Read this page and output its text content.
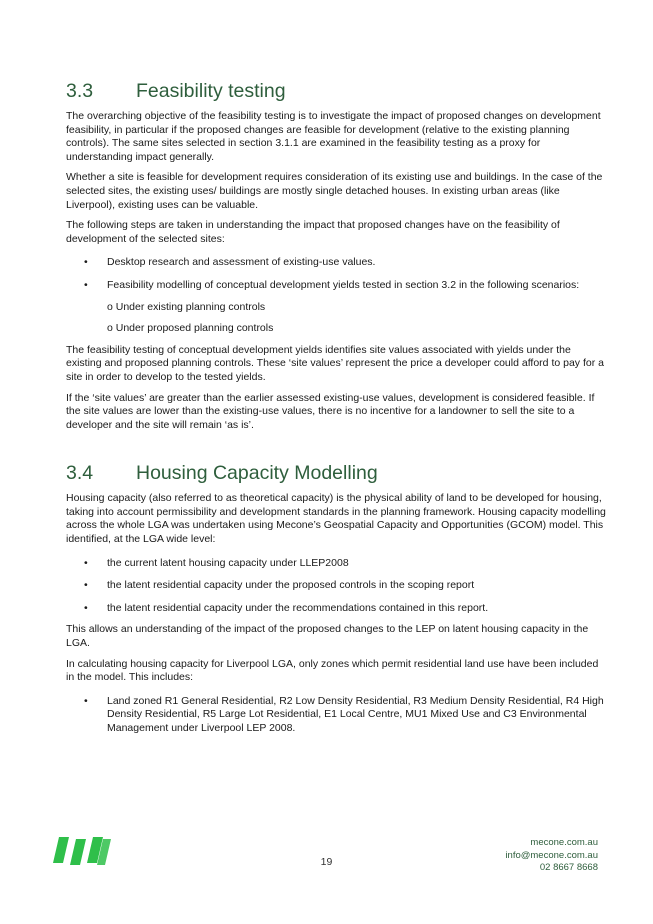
3.3	Feasibility testing

The overarching objective of the feasibility testing is to investigate the impact of proposed changes on development feasibility, in particular if the proposed changes are feasible for development (relative to the existing planning controls). The same sites selected in section 3.1.1 are examined in the feasibility testing as a proxy for understanding impact generally.

Whether a site is feasible for development requires consideration of its existing use and buildings. In the case of the selected sites, the existing uses/ buildings are mostly single detached houses. In existing urban areas (like Liverpool), existing uses can be valuable.

The following steps are taken in understanding the impact that proposed changes have on the feasibility of development of the selected sites:

• Desktop research and assessment of existing-use values.
• Feasibility modelling of conceptual development yields tested in section 3.2 in the following scenarios:
o Under existing planning controls
o Under proposed planning controls

The feasibility testing of conceptual development yields identifies site values associated with yields under the existing and proposed planning controls. These ‘site values’ represent the price a developer could afford to pay for a site in order to develop to the tested yields.

If the ‘site values’ are greater than the earlier assessed existing-use values, development is considered feasible. If the site values are lower than the existing-use values, there is no incentive for a landowner to sell the site to a developer and the site will remain ‘as is’.

3.4	Housing Capacity Modelling

Housing capacity (also referred to as theoretical capacity) is the physical ability of land to be developed for housing, taking into account permissibility and development standards in the planning framework. Housing capacity modelling across the whole LGA was undertaken using Mecone’s Geospatial Capacity and Opportunities (GCOM) model. This identified, at the LGA wide level:

• the current latent housing capacity under LLEP2008
• the latent residential capacity under the proposed controls in the scoping report
• the latent residential capacity under the recommendations contained in this report.

This allows an understanding of the impact of the proposed changes to the LEP on latent housing capacity in the LGA.

In calculating housing capacity for Liverpool LGA, only zones which permit residential land use have been included in the model. This includes:

• Land zoned R1 General Residential, R2 Low Density Residential, R3 Medium Density Residential, R4 High Density Residential, R5 Large Lot Residential, E1 Local Centre, MU1 Mixed Use and C3 Environmental Management under Liverpool LEP 2008.
19
mecone.com.au
info@mecone.com.au
02 8667 8668
